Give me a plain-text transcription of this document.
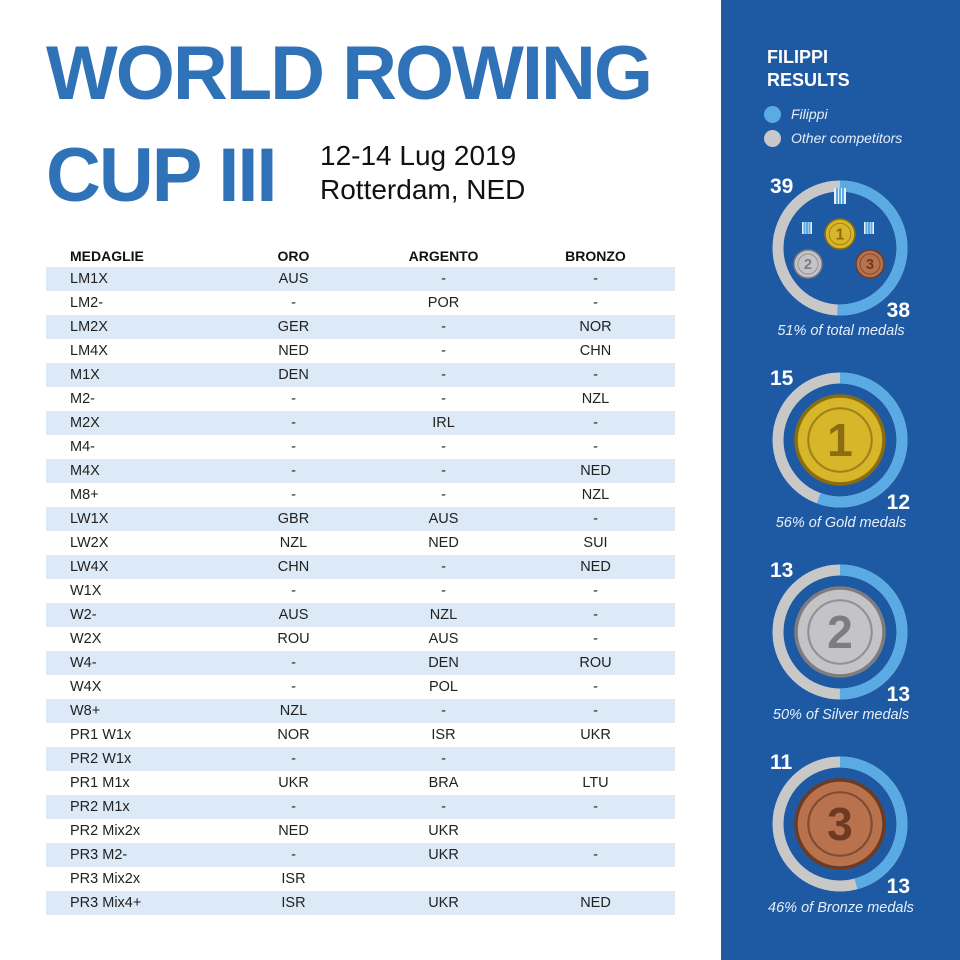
WORLD ROWING
CUP III 12-14 Lug 2019
Rotterdam, NED
MEDAGLIE	ORO	ARGENTO	BRONZO
LM1X	AUS	-	-
LM2-	-	POR	-
LM2X	GER	-	NOR
LM4X	NED	-	CHN
M1X	DEN	-	-
M2-	-	-	NZL
M2X	-	IRL	-
M4-	-	-	-
M4X	-	-	NED
M8+	-	-	NZL
LW1X	GBR	AUS	-
LW2X	NZL	NED	SUI
LW4X	CHN	-	NED
W1X	-	-	-
W2-	AUS	NZL	-
W2X	ROU	AUS	-
W4-	-	DEN	ROU
W4X	-	POL	-
W8+	NZL	-	-
PR1 W1x	NOR	ISR	UKR
PR2 W1x	-	-	
PR1 M1x	UKR	BRA	LTU
PR2 M1x	-	-	-
PR2 Mix2x	NED	UKR	
PR3 M2-	-	UKR	-
PR3 Mix2x	ISR		
PR3 Mix4+	ISR	UKR	NED
FILIPPI
RESULTS
Filippi
Other competitors
1
2	3
39
38
51% of total medals
1
15
12
56% of Gold medals
2
13
13
50% of Silver medals
3
11
13
46% of Bronze medals
